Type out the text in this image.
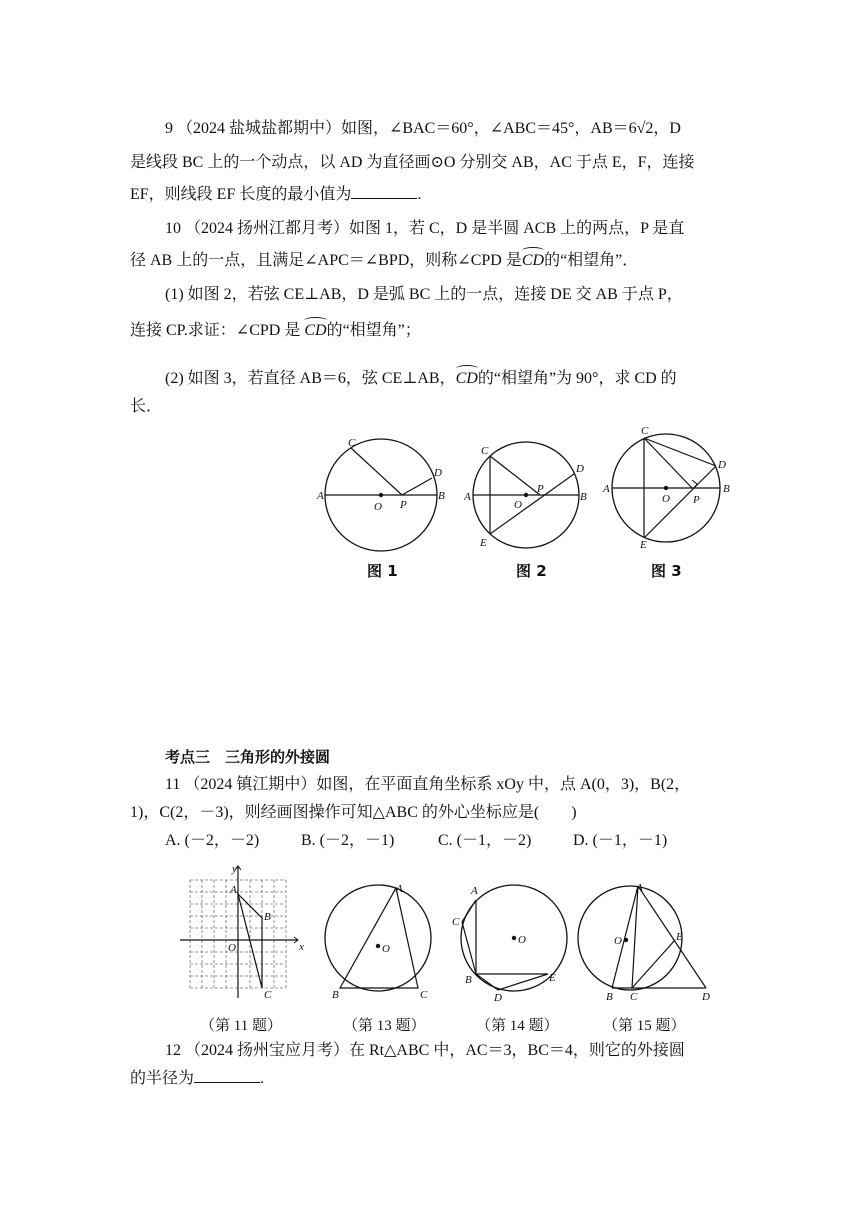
9 （2024 盐城盐都期中）如图，∠BAC＝60°，∠ABC＝45°，AB＝6√2，D
是线段 BC 上的一个动点，以 AD 为直径画⊙O 分别交 AB，AC 于点 E，F，连接
EF，则线段 EF 长度的最小值为	.
10 （2024 扬州江都月考）如图 1，若 C，D 是半圆 ACB 上的两点，P 是直
径 AB 上的一点，且满足∠APC＝∠BPD，则称∠CPD 是CD的“相望角”．
(1) 如图 2，若弦 CE⊥AB，D 是弧 BC 上的一点，连接 DE 交 AB 于点 P，
连接 CP.求证：∠CPD 是 CD的“相望角”；
(2) 如图 3，若直径 AB＝6，弦 CE⊥AB，CD的“相望角”为 90°，求 CD 的
长．
A	B
C
D
O P
图 1
A	B
C
D
O
P
E
图 2
A	B
C
D
O P
E
图 3
考点三　三角形的外接圆
11 （2024 镇江期中）如图，在平面直角坐标系 xOy 中，点 A(0，3)，B(2，
1)，C(2，－3)，则经画图操作可知△ABC 的外心坐标应是(　　)
A. (－2，－2)	B. (－2，－1)	C. (－1，－2)	D. (－1，－1)
y
x
A
B
C
O
（第 11 题）
A
B	C
O
（第 13 题）
A
C
B
D
E
O
（第 14 题）
A
E
O
B C	D
（第 15 题）
12 （2024 扬州宝应月考）在 Rt△ABC 中，AC＝3，BC＝4，则它的外接圆
的半径为	.
